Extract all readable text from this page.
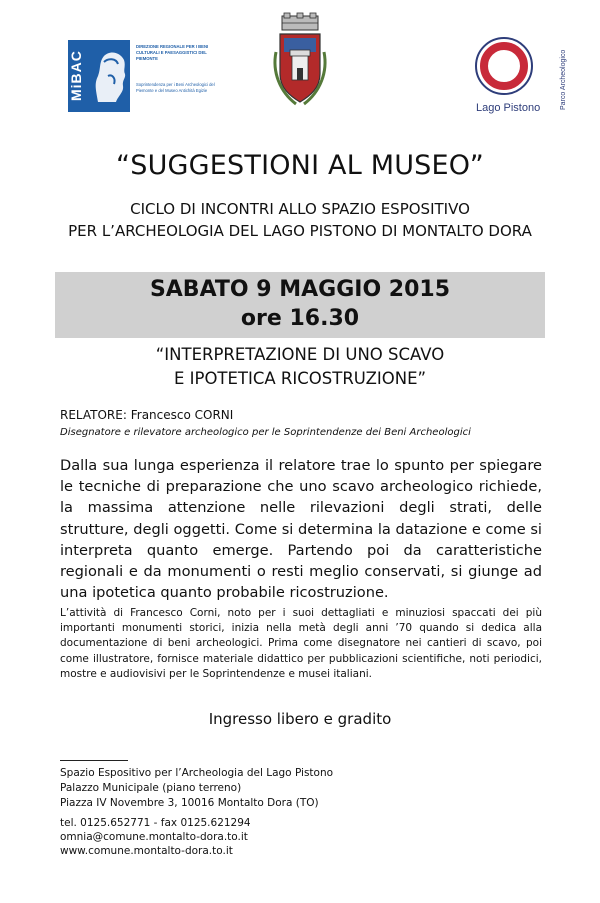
MiBAC
DIREZIONE REGIONALE PER I BENI CULTURALI E PAESAGGISTICI DEL PIEMONTE
Soprintendenza per i Beni Archeologici del Piemonte e del Museo Antichità Egizie
Lago Pistono	Parco Archeologico
“SUGGESTIONI AL MUSEO”
CICLO DI INCONTRI ALLO SPAZIO ESPOSITIVO
PER L’ARCHEOLOGIA DEL LAGO PISTONO DI MONTALTO DORA
SABATO 9 MAGGIO 2015
ore 16.30
“INTERPRETAZIONE DI UNO SCAVO
E IPOTETICA RICOSTRUZIONE”
RELATORE: Francesco CORNI
Disegnatore e rilevatore archeologico per le Soprintendenze dei Beni Archeologici
Dalla sua lunga esperienza il relatore trae lo spunto per spiegare le tecniche di preparazione che uno scavo archeologico richiede, la massima attenzione nelle rilevazioni degli strati, delle strutture, degli oggetti. Come si determina la datazione e come si interpreta quanto emerge. Partendo poi da caratteristiche regionali e da monumenti o resti meglio conservati, si giunge ad una ipotetica quanto probabile ricostruzione.
L’attività di Francesco Corni, noto per i suoi dettagliati e minuziosi spaccati dei più importanti monumenti storici, inizia nella metà degli anni ’70 quando si dedica alla documentazione di beni archeologici. Prima come disegnatore nei cantieri di scavo, poi come illustratore, fornisce materiale didattico per pubblicazioni scientifiche, noti periodici, mostre e audiovisivi per le Soprintendenze e musei italiani.
Ingresso libero e gradito
Spazio Espositivo per l’Archeologia del Lago Pistono
Palazzo Municipale (piano terreno)
Piazza IV Novembre 3, 10016 Montalto Dora (TO)
tel. 0125.652771 - fax 0125.621294
omnia@comune.montalto-dora.to.it
www.comune.montalto-dora.to.it
